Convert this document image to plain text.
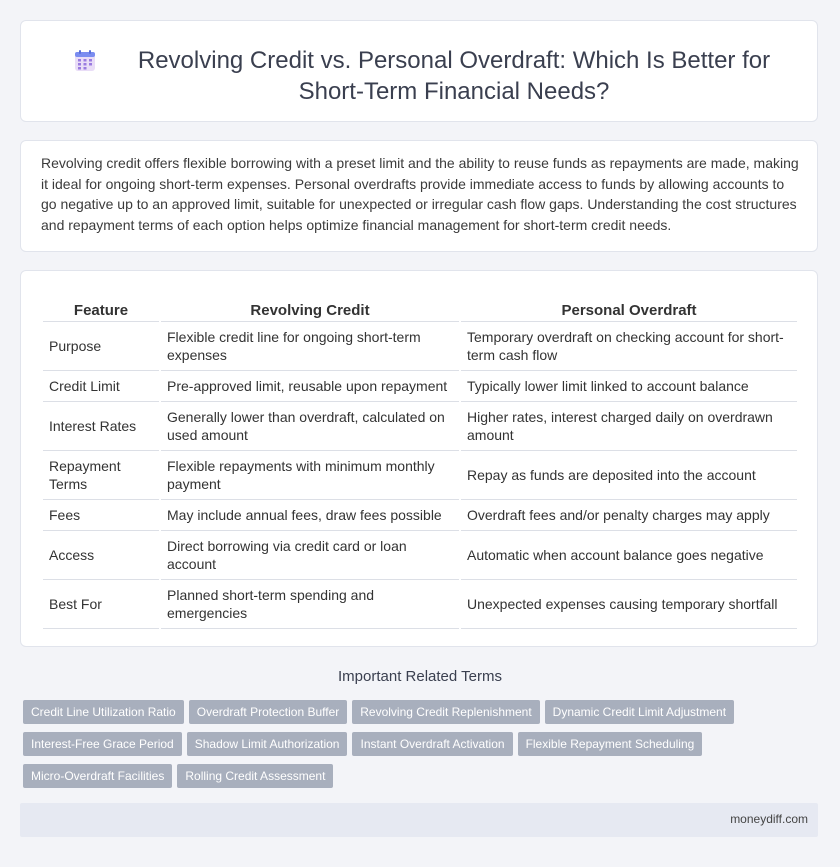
Revolving Credit vs. Personal Overdraft: Which Is Better for Short-Term Financial Needs?
Revolving credit offers flexible borrowing with a preset limit and the ability to reuse funds as repayments are made, making it ideal for ongoing short-term expenses. Personal overdrafts provide immediate access to funds by allowing accounts to go negative up to an approved limit, suitable for unexpected or irregular cash flow gaps. Understanding the cost structures and repayment terms of each option helps optimize financial management for short-term credit needs.
Feature	Revolving Credit	Personal Overdraft
Purpose	Flexible credit line for ongoing short-term expenses	Temporary overdraft on checking account for short-term cash flow
Credit Limit	Pre-approved limit, reusable upon repayment	Typically lower limit linked to account balance
Interest Rates	Generally lower than overdraft, calculated on used amount	Higher rates, interest charged daily on overdrawn amount
Repayment Terms	Flexible repayments with minimum monthly payment	Repay as funds are deposited into the account
Fees	May include annual fees, draw fees possible	Overdraft fees and/or penalty charges may apply
Access	Direct borrowing via credit card or loan account	Automatic when account balance goes negative
Best For	Planned short-term spending and emergencies	Unexpected expenses causing temporary shortfall
Important Related Terms
Credit Line Utilization Ratio Overdraft Protection Buffer Revolving Credit Replenishment Dynamic Credit Limit Adjustment
Interest-Free Grace Period Shadow Limit Authorization Instant Overdraft Activation Flexible Repayment Scheduling
Micro-Overdraft Facilities Rolling Credit Assessment
moneydiff.com
